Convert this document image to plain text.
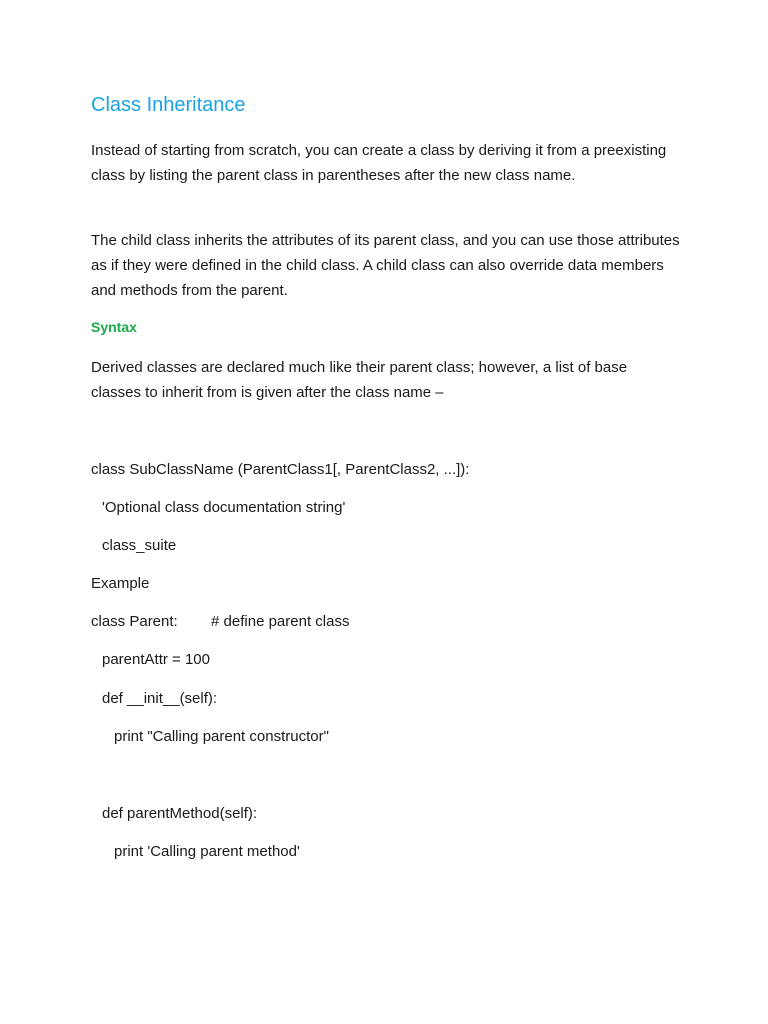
Class Inheritance

Instead of starting from scratch, you can create a class by deriving it from a preexisting class by listing the parent class in parentheses after the new class name.

The child class inherits the attributes of its parent class, and you can use those attributes as if they were defined in the child class. A child class can also override data members and methods from the parent.

Syntax

Derived classes are declared much like their parent class; however, a list of base classes to inherit from is given after the class name –

class SubClassName (ParentClass1[, ParentClass2, ...]):

'Optional class documentation string'

class_suite

Example

class Parent:        # define parent class

parentAttr = 100

def __init__(self):

print "Calling parent constructor"

def parentMethod(self):

print 'Calling parent method'
